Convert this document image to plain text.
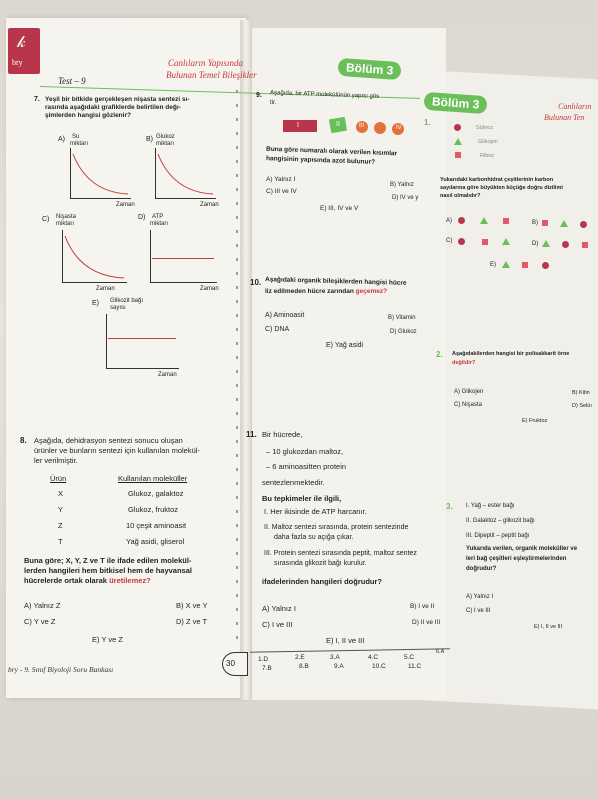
𝓀
bry
Test – 9
Canlıların Yapısında
Bulunan Temel Bileşikler	Bölüm 3
Bölüm 3	Canlıların
Bulunan Ten
7. Yeşil bir bitkide gerçekleşen nişasta sentezi sı-
rasında aşağıdaki grafiklerde belirtilen değı-
şimlerden hangisi gözlenir?
A) Su
miktarı
Zaman
B) Glukoz
miktarı
Zaman
C) Nişasta
miktarı
Zaman
D) ATP
miktarı
Zaman
E) Glikozit bağı
sayısı
Zaman
8. Aşağıda, dehidrasyon sentezi sonucu oluşan
ürünler ve bunların sentezi için kullanılan molekül-
ler verilmiştir.
Ürün	Kullanılan moleküller
X	Glukoz, galaktoz
Y	Glukoz, fruktoz
Z	10 çeşit aminoasit
T	Yağ asidi, gliserol
Buna göre; X, Y, Z ve T ile ifade edilen molekül-
lerden hangileri hem bitkisel hem de hayvansal
hücrelerde ortak olarak üretilemez?
A) Yalnız Z	B) X ve Y
C) Y ve Z	D) Z ve T
E) Y ve Z
bry - 9. Sınıf Biyoloji Soru Bankası
30
9. Aşağıda, bir ATP molekülünün yapısı gös
tir.
I	II	III	IV
Buna göre numaralı olarak verilen kısımlar
hangisinin yapısında azot bulunur?
A) Yalnız I
B) Yalnız
C) III ve IV
D) IV ve y
E) III, IV ve V
10. Aşağıdaki organik bileşiklerden hangisi hücre
liz edilmeden hücre zarından geçemez?
A) Aminoasit	B) Vitamin
C) DNA	D) Glukoz
E) Yağ asidi
11. Bir hücrede,
– 10 glukozdan maltoz,
– 6 aminoasitten protein
sentezlenmektedir.
Bu tepkimeler ile ilgili,
I. Her ikisinde de ATP harcanır.
II. Maltoz sentezi sırasında, protein sentezinde
daha fazla su açığa çıkar.
III. Protein sentezi sırasında peptit, maltoz sentez
sırasında glikozit bağı kurulur.
ifadelerinden hangileri doğrudur?
A) Yalnız I	B) I ve II
C) I ve III	D) II ve III
E) I, II ve III
1.D
7.B
2.E
8.B
3.A
9.A
4.C
10.C
5.C
11.C
6.A
1.
Sükroz
Glikojen
Riboz
Yukarıdaki karbonhidrat çeşitlerinin karbon
sayılarına göre büyükten küçüğe doğru dizilimi
nasıl olmalıdır?
A)	B)
C)	D)
E)
2. Aşağıdakilerden hangisi bir polisakkarit örne
değildir?
A) Glikojen	B) Kitin
C) Nişasta	D) Selüı
E) Fruktoz
3. I. Yağ – ester bağı
II. Galaktoz – glikozit bağı
III. Dipeptit – peptit bağı
Yukarıda verilen, organik moleküller ve
leri bağ çeşitleri eşleştirmelerinden
doğrudur?
A) Yalnız I
C) I ve III
E) I, II ve III
